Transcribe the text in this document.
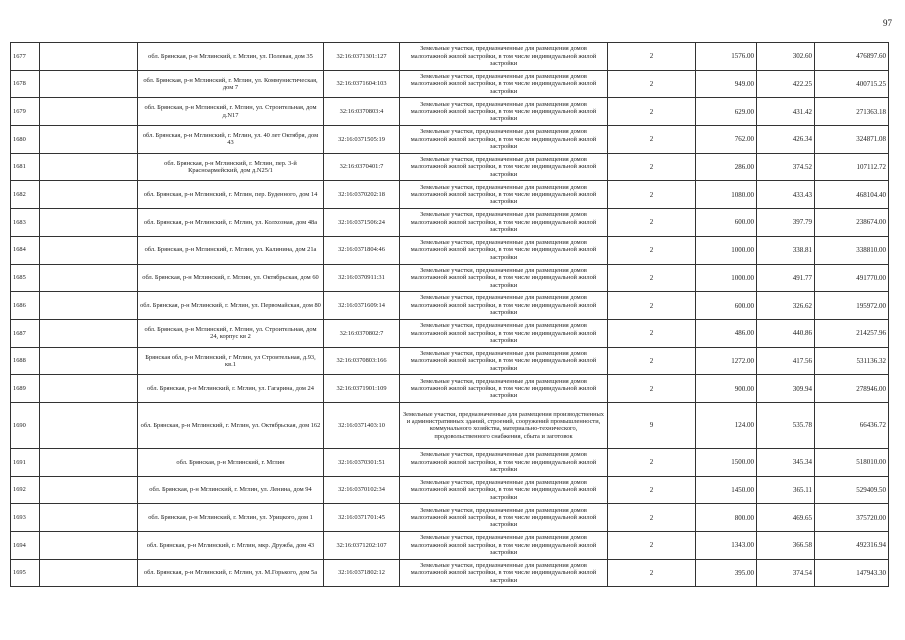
97
1677		обл. Брянская, р-н Мглинский, г. Мглин, ул. Полевая, дом 35	32:16:0371301:127	Земельные участки, предназначенные для размещения домов малоэтажной жилой застройки, в том числе индивидуальной жилой застройки	2	1576.00	302.60	476897.60
1678		обл. Брянская, р-н Мглинский, г. Мглин, ул. Коммунистическая, дом 7	32:16:0371604:103	Земельные участки, предназначенные для размещения домов малоэтажной жилой застройки, в том числе индивидуальной жилой застройки	2	949.00	422.25	400715.25
1679		обл. Брянская, р-н Мглинский, г. Мглин, ул. Строительная, дом д.N17	32:16:0370803:4	Земельные участки, предназначенные для размещения домов малоэтажной жилой застройки, в том числе индивидуальной жилой застройки	2	629.00	431.42	271363.18
1680		обл. Брянская, р-н Мглинский, г. Мглин, ул. 40 лет Октября, дом 43	32:16:0371505:19	Земельные участки, предназначенные для размещения домов малоэтажной жилой застройки, в том числе индивидуальной жилой застройки	2	762.00	426.34	324871.08
1681		обл. Брянская, р-н Мглинский, г. Мглин, пер. 3-й Красноармейский, дом д.N25/1	32:16:0370401:7	Земельные участки, предназначенные для размещения домов малоэтажной жилой застройки, в том числе индивидуальной жилой застройки	2	286.00	374.52	107112.72
1682		обл. Брянская, р-н Мглинский, г. Мглин, пер. Буденного, дом 14	32:16:0370202:18	Земельные участки, предназначенные для размещения домов малоэтажной жилой застройки, в том числе индивидуальной жилой застройки	2	1080.00	433.43	468104.40
1683		обл. Брянская, р-н Мглинский, г. Мглин, ул. Колхозная, дом 48а	32:16:0371506:24	Земельные участки, предназначенные для размещения домов малоэтажной жилой застройки, в том числе индивидуальной жилой застройки	2	600.00	397.79	238674.00
1684		обл. Брянская, р-н Мглинский, г. Мглин, ул. Калинина, дом 21а	32:16:0371804:46	Земельные участки, предназначенные для размещения домов малоэтажной жилой застройки, в том числе индивидуальной жилой застройки	2	1000.00	338.81	338810.00
1685		обл. Брянская, р-н Мглинский, г. Мглин, ул. Октябрьская, дом 60	32:16:0370911:31	Земельные участки, предназначенные для размещения домов малоэтажной жилой застройки, в том числе индивидуальной жилой застройки	2	1000.00	491.77	491770.00
1686		обл. Брянская, р-н Мглинский, г. Мглин, ул. Первомайская, дом 80	32:16:0371609:14	Земельные участки, предназначенные для размещения домов малоэтажной жилой застройки, в том числе индивидуальной жилой застройки	2	600.00	326.62	195972.00
1687		обл. Брянская, р-н Мглинский, г. Мглин, ул. Строительная, дом 24, корпус кв 2	32:16:0370802:7	Земельные участки, предназначенные для размещения домов малоэтажной жилой застройки, в том числе индивидуальной жилой застройки	2	486.00	440.86	214257.96
1688		Брянская обл, р-н Мглинский, г Мглин, ул Строительная, д.93, кв.1	32:16:0370803:166	Земельные участки, предназначенные для размещения домов малоэтажной жилой застройки, в том числе индивидуальной жилой застройки	2	1272.00	417.56	531136.32
1689		обл. Брянская, р-н Мглинский, г. Мглин, ул. Гагарина, дом 24	32:16:0371901:109	Земельные участки, предназначенные для размещения домов малоэтажной жилой застройки, в том числе индивидуальной жилой застройки	2	900.00	309.94	278946.00
1690		обл. Брянская, р-н Мглинский, г. Мглин, ул. Октябрьская, дом 162	32:16:0371403:10	Земельные участки, предназначенные для размещения производственных и административных зданий, строений, сооружений промышленности, коммунального хозяйства, материально-технического, продовольственного снабжения, сбыта и заготовок	9	124.00	535.78	66436.72
1691		обл. Брянская, р-н Мглинский, г. Мглин	32:16:0370301:51	Земельные участки, предназначенные для размещения домов малоэтажной жилой застройки, в том числе индивидуальной жилой застройки	2	1500.00	345.34	518010.00
1692		обл. Брянская, р-н Мглинский, г. Мглин, ул. Ленина, дом 94	32:16:0370102:34	Земельные участки, предназначенные для размещения домов малоэтажной жилой застройки, в том числе индивидуальной жилой застройки	2	1450.00	365.11	529409.50
1693		обл. Брянская, р-н Мглинский, г. Мглин, ул. Урицкого, дом 1	32:16:0371701:45	Земельные участки, предназначенные для размещения домов малоэтажной жилой застройки, в том числе индивидуальной жилой застройки	2	800.00	469.65	375720.00
1694		обл. Брянская, р-н Мглинский, г. Мглин, мкр. Дружба, дом 43	32:16:0371202:107	Земельные участки, предназначенные для размещения домов малоэтажной жилой застройки, в том числе индивидуальной жилой застройки	2	1343.00	366.58	492316.94
1695		обл. Брянская, р-н Мглинский, г. Мглин, ул. М.Горького, дом 5а	32:16:0371802:12	Земельные участки, предназначенные для размещения домов малоэтажной жилой застройки, в том числе индивидуальной жилой застройки	2	395.00	374.54	147943.30
